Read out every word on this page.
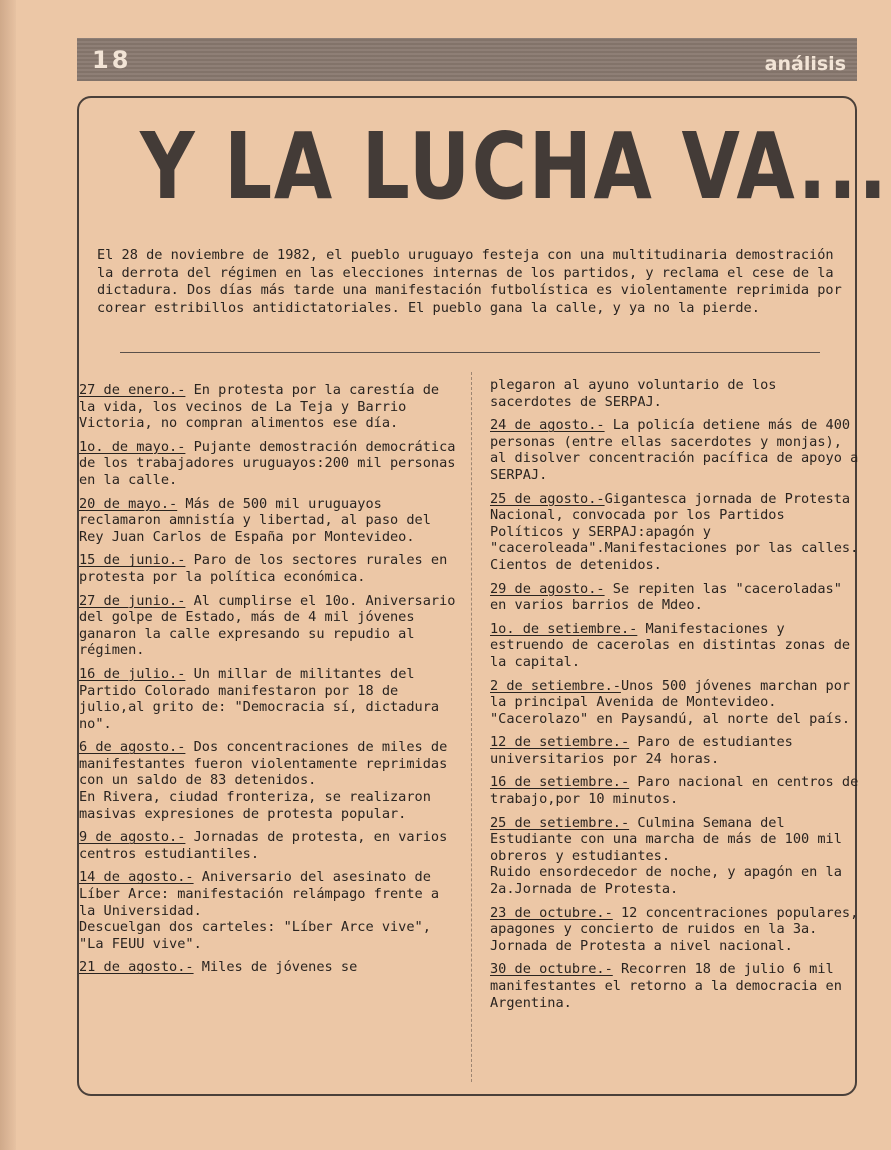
18	análisis
Y LA LUCHA VA...
El 28 de noviembre de 1982, el pueblo uruguayo festeja con una multitudinaria demostración la derrota del régimen en las elecciones internas de los partidos, y reclama el cese de la dictadura. Dos días más tarde una manifestación futbolística es violentamente reprimida por corear estribillos antidictatoriales. El pueblo gana la calle, y ya no la pierde.
27 de enero.- En protesta por la carestía de la vida, los vecinos de La Teja y Barrio Victoria, no compran alimentos ese día.
1o. de mayo.- Pujante demostración democrática de los trabajadores uruguayos:200 mil personas en la calle.
20 de mayo.- Más de 500 mil uruguayos reclamaron amnistía y libertad, al paso del Rey Juan Carlos de España por Montevideo.
15 de junio.- Paro de los sectores rurales en protesta por la política económica.
27 de junio.- Al cumplirse el 10o. Aniversario del golpe de Estado, más de 4 mil jóvenes ganaron la calle expresando su repudio al régimen.
16 de julio.- Un millar de militantes del Partido Colorado manifestaron por 18 de julio,al grito de: "Democracia sí, dictadura no".
6 de agosto.- Dos concentraciones de miles de manifestantes fueron violentamente reprimidas con un saldo de 83 detenidos.
En Rivera, ciudad fronteriza, se realizaron masivas expresiones de protesta popular.
9 de agosto.- Jornadas de protesta, en varios centros estudiantiles.
14 de agosto.- Aniversario del asesinato de Líber Arce: manifestación relámpago frente a la Universidad.
Descuelgan dos carteles: "Líber Arce vive", "La FEUU vive".
21 de agosto.- Miles de jóvenes se
plegaron al ayuno voluntario de los sacerdotes de SERPAJ.
24 de agosto.- La policía detiene más de 400 personas (entre ellas sacerdotes y monjas), al disolver concentración pacífica de apoyo a SERPAJ.
25 de agosto.-Gigantesca jornada de Protesta Nacional, convocada por los Partidos Políticos y SERPAJ:apagón y "caceroleada".Manifestaciones por las calles. Cientos de detenidos.
29 de agosto.- Se repiten las "caceroladas" en varios barrios de Mdeo.
1o. de setiembre.- Manifestaciones y estruendo de cacerolas en distintas zonas de la capital.
2 de setiembre.-Unos 500 jóvenes marchan por la principal Avenida de Montevideo.
"Cacerolazo" en Paysandú, al norte del país.
12 de setiembre.- Paro de estudiantes universitarios por 24 horas.
16 de setiembre.- Paro nacional en centros de trabajo,por 10 minutos.
25 de setiembre.- Culmina Semana del Estudiante con una marcha de más de 100 mil obreros y estudiantes.
Ruido ensordecedor de noche, y apagón en la 2a.Jornada de Protesta.
23 de octubre.- 12 concentraciones populares, apagones y concierto de ruidos en la 3a. Jornada de Protesta a nivel nacional.
30 de octubre.- Recorren 18 de julio 6 mil manifestantes el retorno a la democracia en Argentina.
